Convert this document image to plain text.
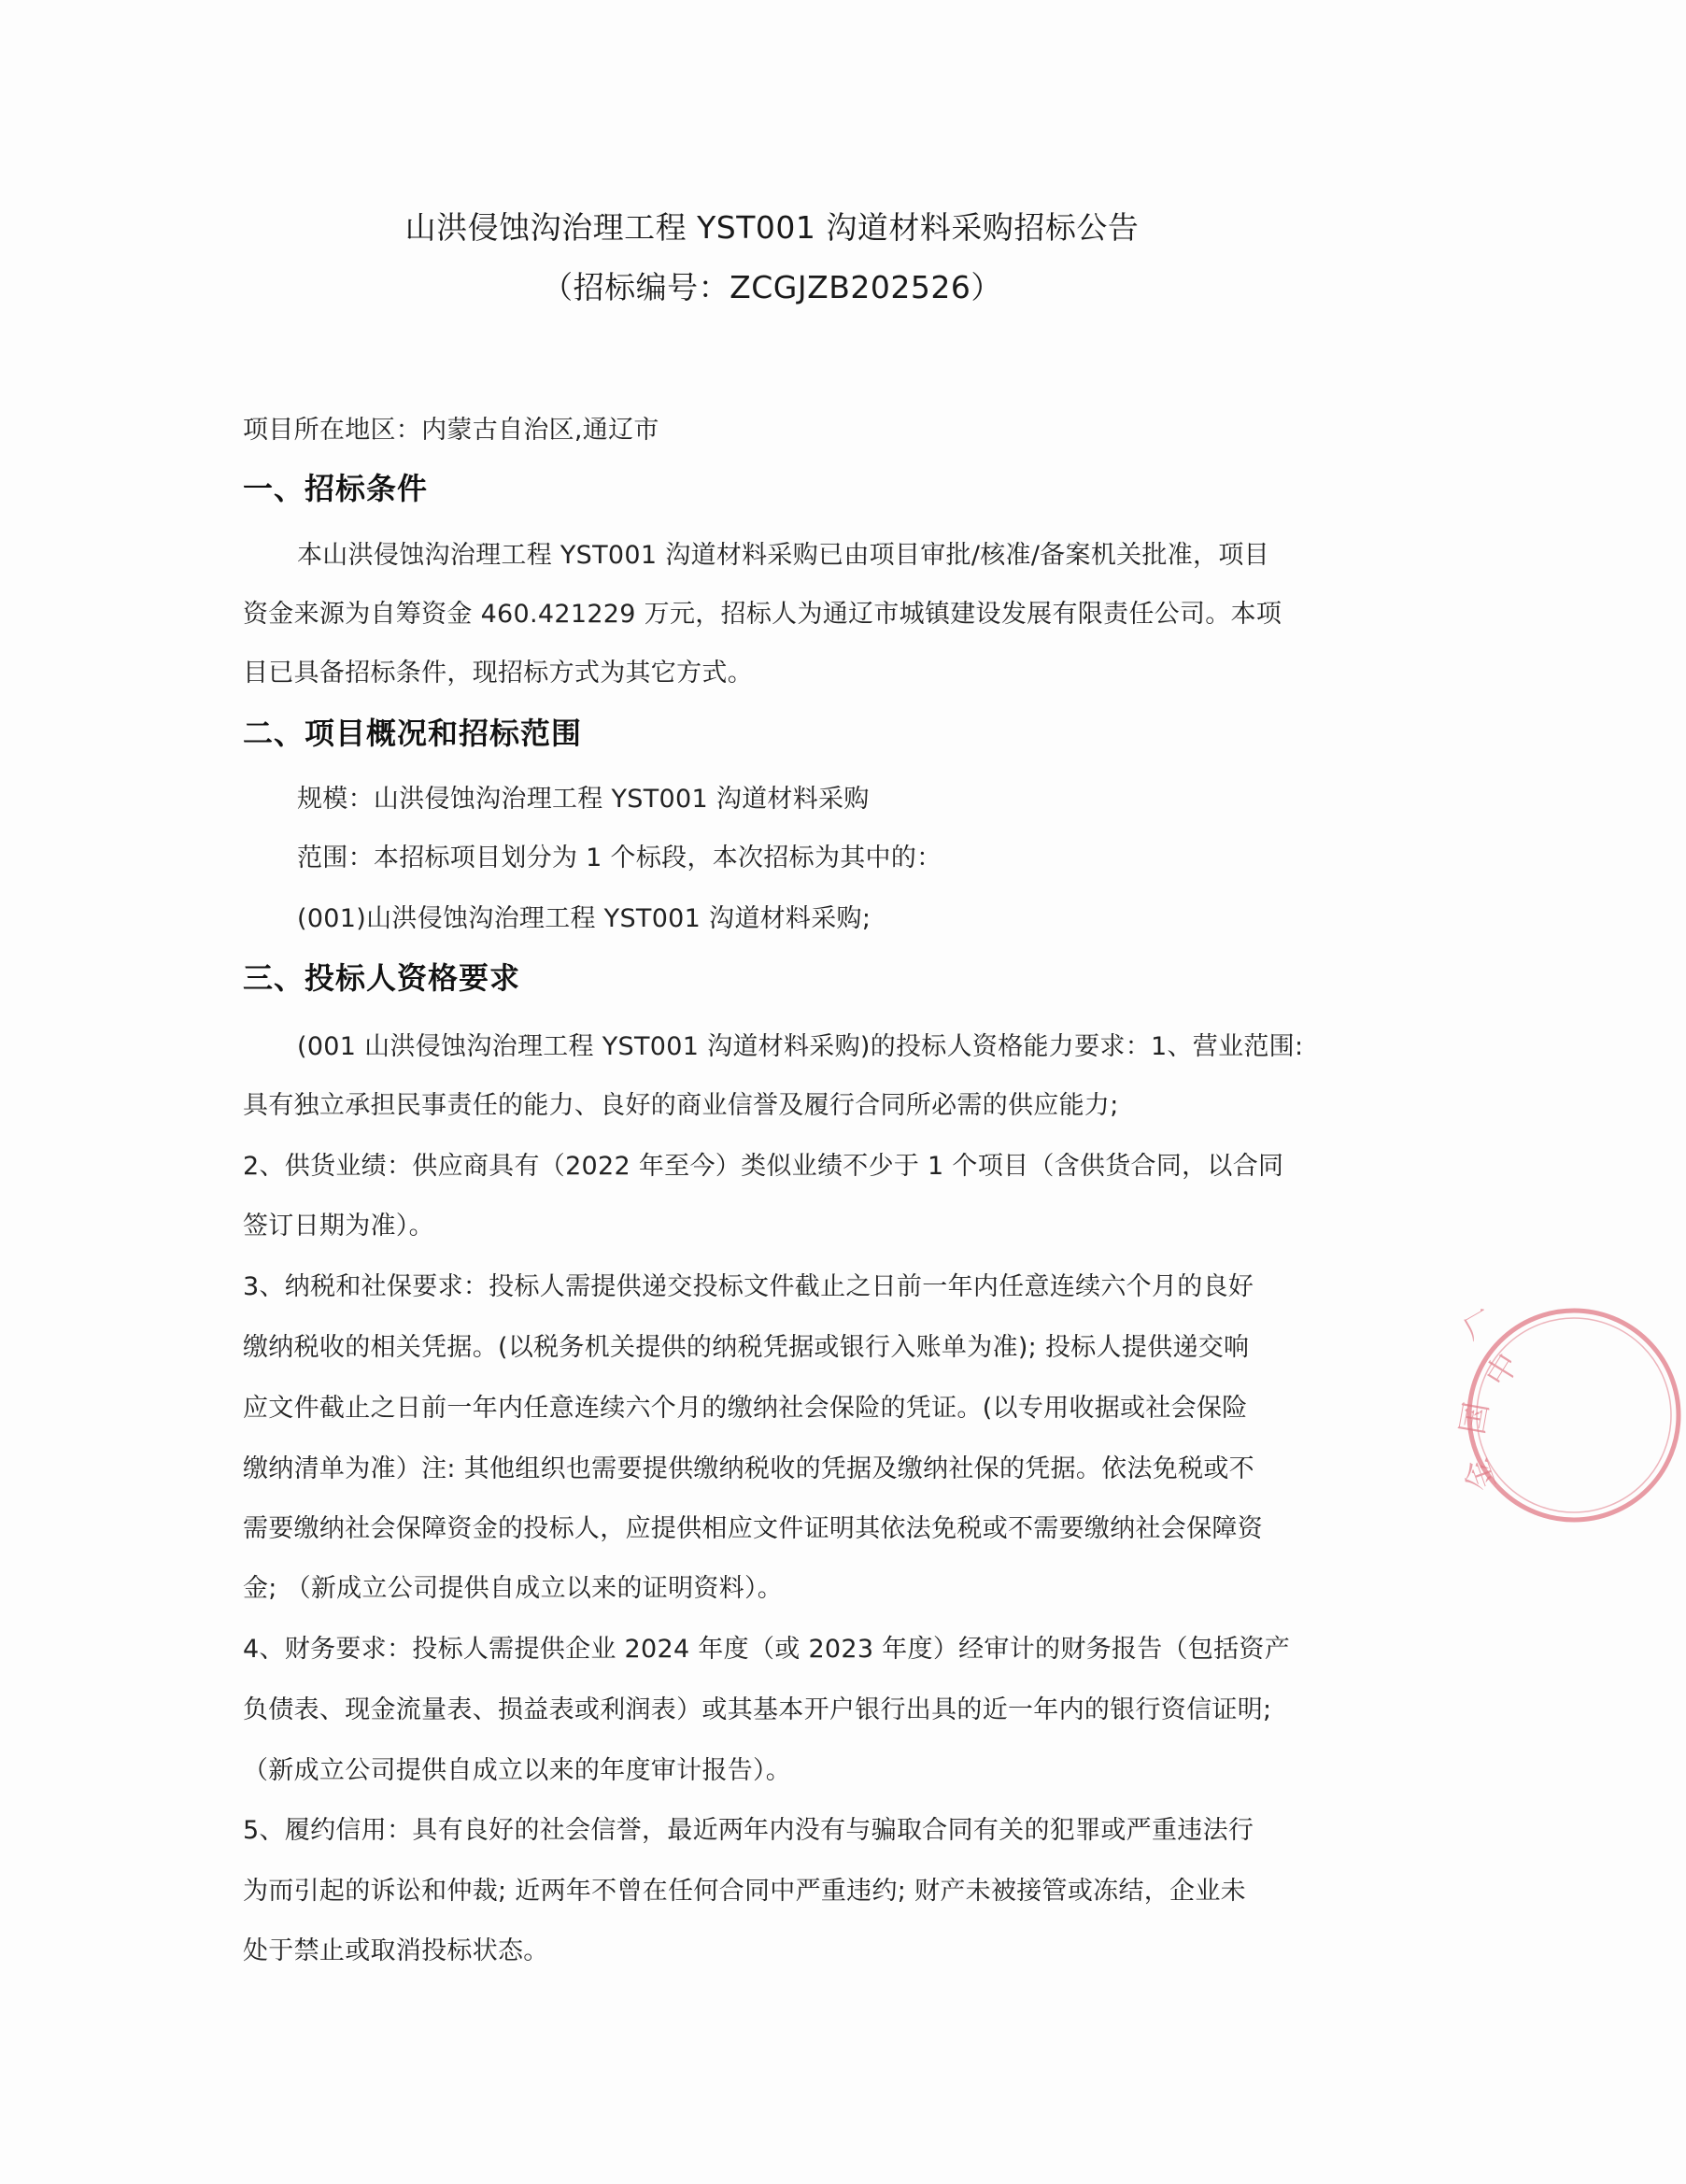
山洪侵蚀沟治理工程 YST001 沟道材料采购招标公告
（招标编号：ZCGJZB202526）
项目所在地区：内蒙古自治区,通辽市
一、招标条件
本山洪侵蚀沟治理工程 YST001 沟道材料采购已由项目审批/核准/备案机关批准，项目
资金来源为自筹资金 460.421229 万元，招标人为通辽市城镇建设发展有限责任公司。本项
目已具备招标条件，现招标方式为其它方式。
二、项目概况和招标范围
规模：山洪侵蚀沟治理工程 YST001 沟道材料采购
范围：本招标项目划分为 1 个标段，本次招标为其中的：
(001)山洪侵蚀沟治理工程 YST001 沟道材料采购;
三、投标人资格要求
(001 山洪侵蚀沟治理工程 YST001 沟道材料采购)的投标人资格能力要求：1、营业范围:
具有独立承担民事责任的能力、良好的商业信誉及履行合同所必需的供应能力;
2、供货业绩：供应商具有（2022 年至今）类似业绩不少于 1 个项目（含供货合同，以合同
签订日期为准）。
3、纳税和社保要求：投标人需提供递交投标文件截止之日前一年内任意连续六个月的良好
缴纳税收的相关凭据。(以税务机关提供的纳税凭据或银行入账单为准); 投标人提供递交响
应文件截止之日前一年内任意连续六个月的缴纳社会保险的凭证。(以专用收据或社会保险
缴纳清单为准）注: 其他组织也需要提供缴纳税收的凭据及缴纳社保的凭据。依法免税或不
需要缴纳社会保障资金的投标人，应提供相应文件证明其依法免税或不需要缴纳社会保障资
金; （新成立公司提供自成立以来的证明资料）。
4、财务要求：投标人需提供企业 2024 年度（或 2023 年度）经审计的财务报告（包括资产
负债表、现金流量表、损益表或利润表）或其基本开户银行出具的近一年内的银行资信证明;
（新成立公司提供自成立以来的年度审计报告）。
5、履约信用：具有良好的社会信誉，最近两年内没有与骗取合同有关的犯罪或严重违法行
为而引起的诉讼和仲裁; 近两年不曾在任何合同中严重违约; 财产未被接管或冻结，企业未
处于禁止或取消投标状态。
中
国
金
厂
